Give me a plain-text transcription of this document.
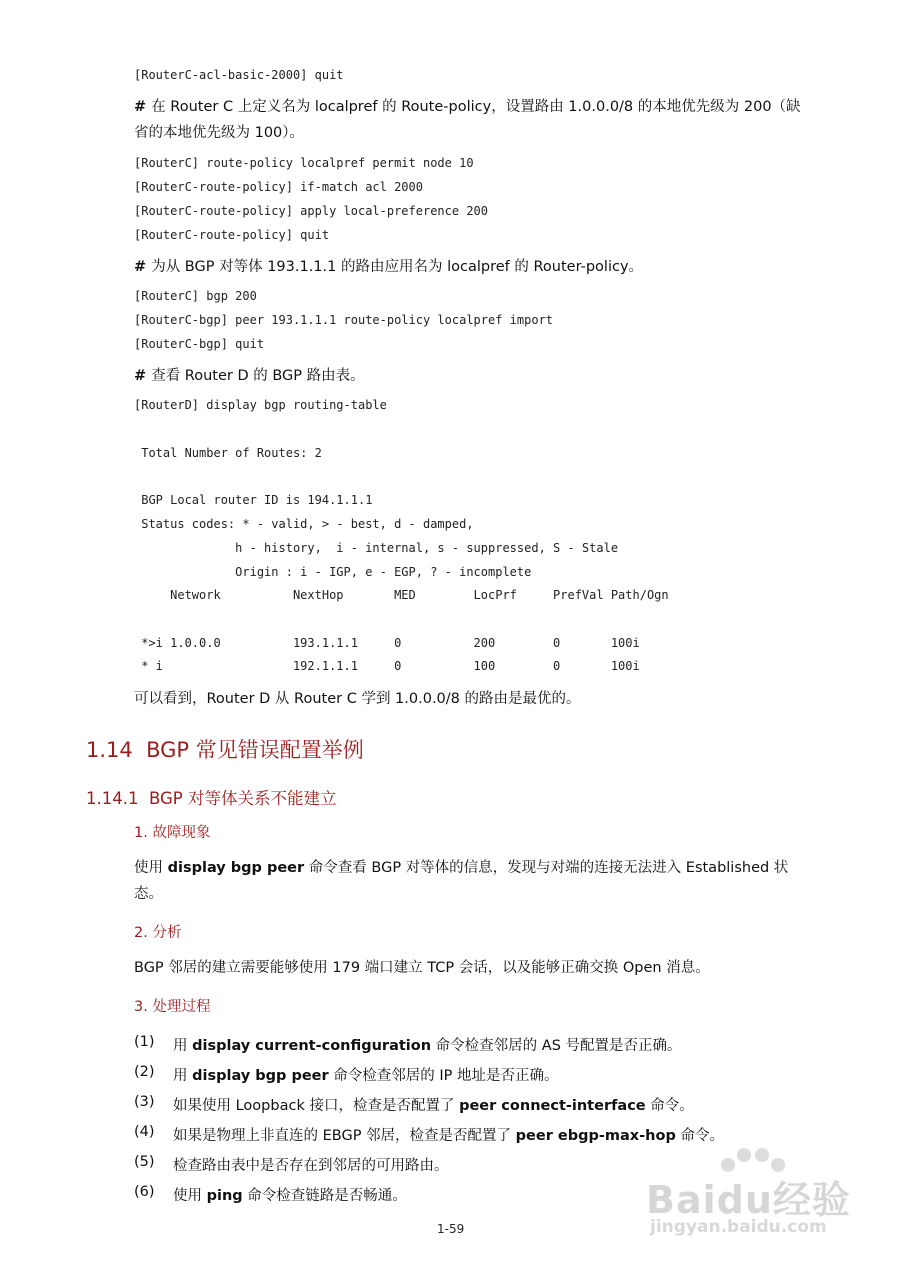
[RouterC-acl-basic-2000] quit
# 在 Router C 上定义名为 localpref 的 Route-policy，设置路由 1.0.0.0/8 的本地优先级为 200（缺
省的本地优先级为 100）。
[RouterC] route-policy localpref permit node 10
[RouterC-route-policy] if-match acl 2000
[RouterC-route-policy] apply local-preference 200
[RouterC-route-policy] quit
# 为从 BGP 对等体 193.1.1.1 的路由应用名为 localpref 的 Router-policy。
[RouterC] bgp 200
[RouterC-bgp] peer 193.1.1.1 route-policy localpref import
[RouterC-bgp] quit
# 查看 Router D 的 BGP 路由表。
[RouterD] display bgp routing-table
Total Number of Routes: 2
BGP Local router ID is 194.1.1.1
Status codes: * - valid, > - best, d - damped,
h - history,  i - internal, s - suppressed, S - Stale
Origin : i - IGP, e - EGP, ? - incomplete
Network          NextHop       MED        LocPrf     PrefVal Path/Ogn
*>i 1.0.0.0          193.1.1.1     0          200        0       100i
* i                  192.1.1.1     0          100        0       100i
可以看到，Router D 从 Router C 学到 1.0.0.0/8 的路由是最优的。
1.14  BGP 常见错误配置举例
1.14.1  BGP 对等体关系不能建立
1. 故障现象
使用 display bgp peer 命令查看 BGP 对等体的信息，发现与对端的连接无法进入 Established 状
态。
2. 分析
BGP 邻居的建立需要能够使用 179 端口建立 TCP 会话，以及能够正确交换 Open 消息。
3. 处理过程
(1) 用 display current-configuration 命令检查邻居的 AS 号配置是否正确。
(2) 用 display bgp peer 命令检查邻居的 IP 地址是否正确。
(3) 如果使用 Loopback 接口，检查是否配置了 peer connect-interface 命令。
(4) 如果是物理上非直连的 EBGP 邻居，检查是否配置了 peer ebgp-max-hop 命令。
(5) 检查路由表中是否存在到邻居的可用路由。
(6) 使用 ping 命令检查链路是否畅通。
1-59
Baidu经验
jingyan.baidu.com
